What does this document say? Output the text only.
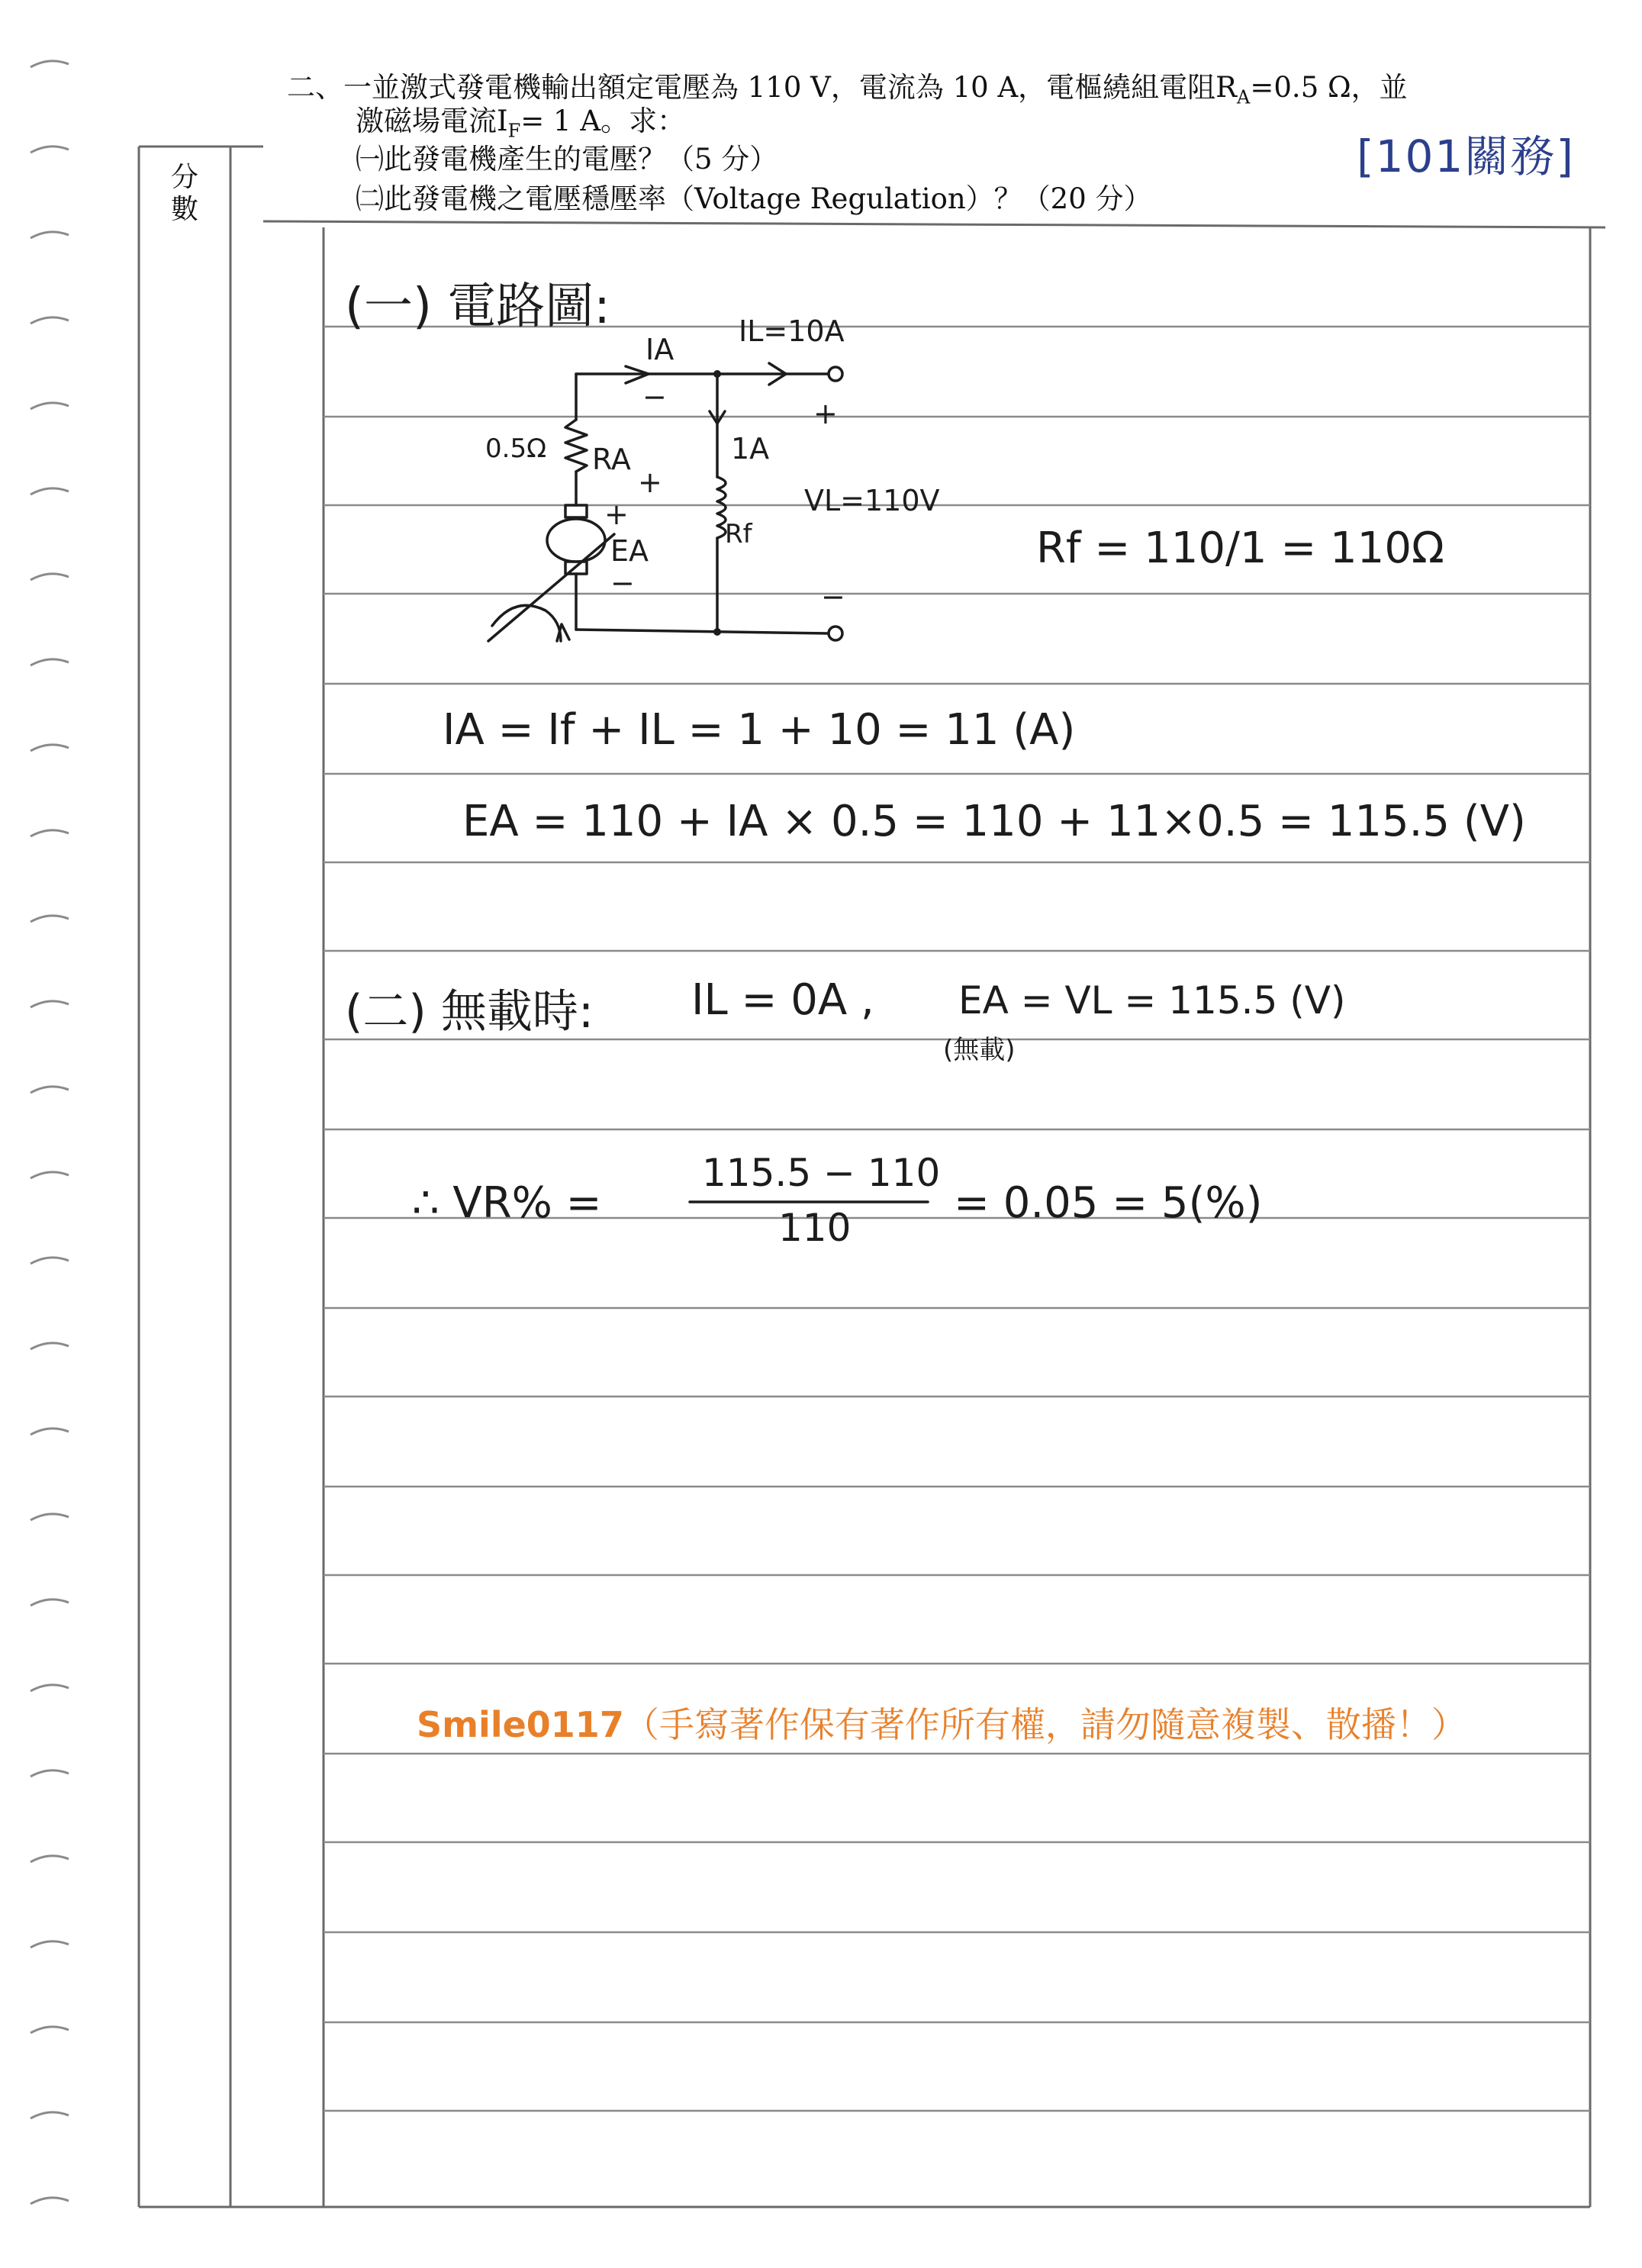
分數
二、一並激式發電機輸出額定電壓為 110 V，電流為 10 A，電樞繞組電阻$R_A=0.5$ Ω，並
激磁場電流$I_F= 1$ A。求：
㈠此發電機產生的電壓？（5 分）
㈡此發電機之電壓穩壓率（Voltage Regulation）？（20 分）
[101關務]
(一) 電路圖:
IA
IL=10A
−	+
1A
0.5Ω RA
+
+	VL=110V
Rf
EA
−	−
Rf = 110/1 = 110Ω
IA = If + IL = 1 + 10 = 11 (A)
EA = 110 + IA × 0.5 = 110 + 11×0.5 = 115.5 (V)
(二) 無載時: IL = 0A , EA = VL = 115.5 (V)
(無載)
∴ VR% =
115.5 − 110
110 = 0.05 = 5(%)
Smile0117（手寫著作保有著作所有權，請勿隨意複製、散播！）
